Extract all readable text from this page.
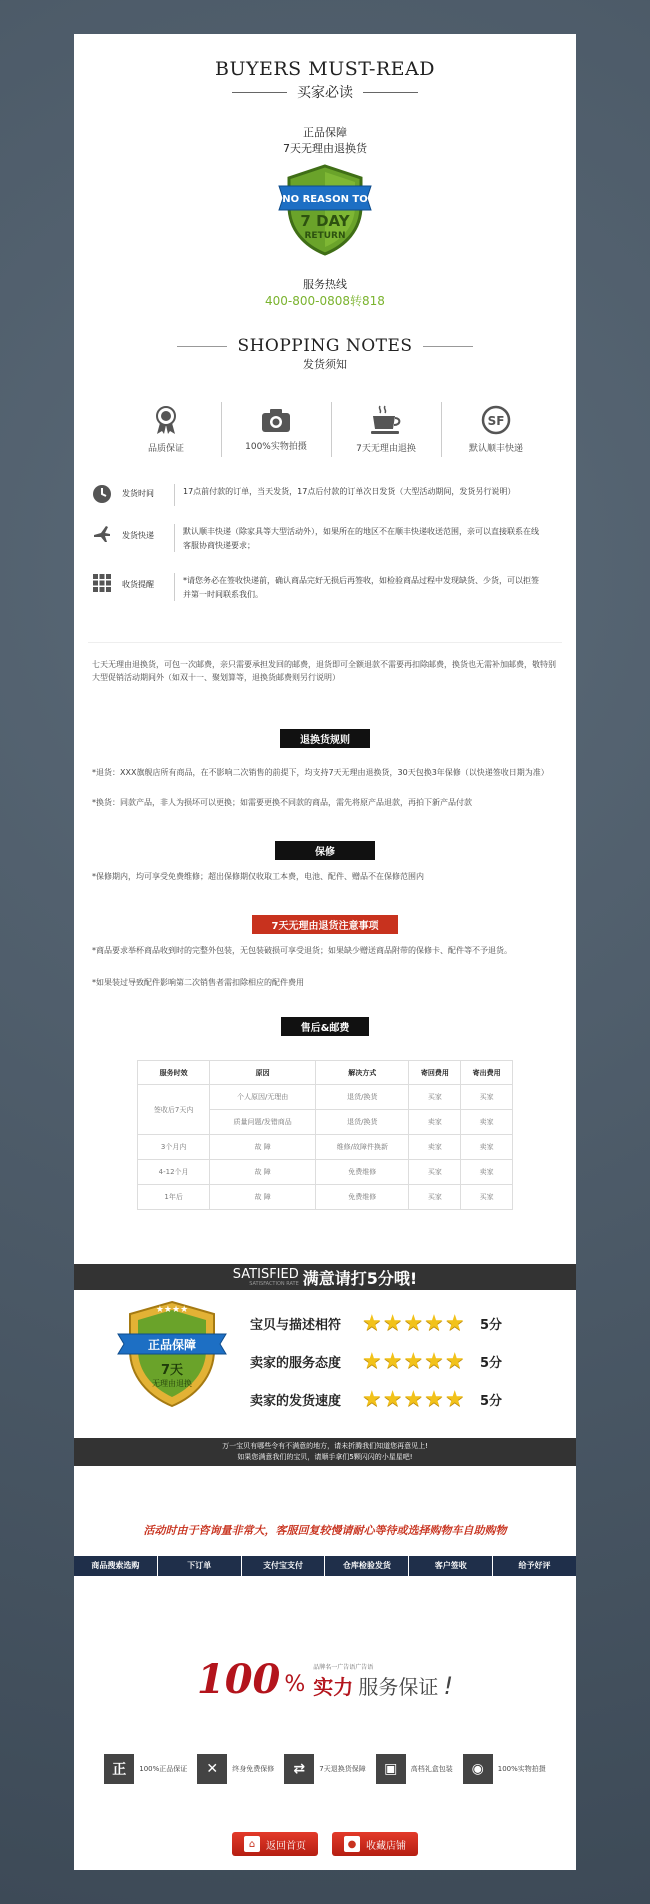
BUYERS MUST-READ
买家必读
正品保障
7天无理由退换货
NO REASON TO
7 DAY
RETURN
服务热线
400-800-0808转818
SHOPPING NOTES
发货须知
品质保证	100%实物拍摄	7天无理由退换
SF
默认顺丰快递
发货时间	17点前付款的订单，当天发货，17点后付款的订单次日发货（大型活动期间，发货另行说明）
发货快递	默认顺丰快递（除家具等大型活动外），如果所在的地区不在顺丰快递收送范围，亲可以直接联系在线客服协商快递要求；
收货提醒	*请您务必在签收快递前，确认商品完好无损后再签收，如检验商品过程中发现缺货、少货，可以拒签并第一时间联系我们。
七天无理由退换货，可包一次邮费，亲只需要承担发回的邮费，退货即可全额退款不需要再扣除邮费，换货也无需补加邮费，敬特别大型促销活动期间外（如双十一、聚划算等，退换货邮费则另行说明）
退换货规则
*退货：XXX旗舰店所有商品，在不影响二次销售的前提下，均支持7天无理由退换货，30天包换3年保修（以快递签收日期为准）
*换货：同款产品，非人为损坏可以更换；如需要更换不同款的商品，需先将原产品退款，再拍下新产品付款
保修
*保修期内，均可享受免费维修；超出保修期仅收取工本费，电池、配件、赠品不在保修范围内
7天无理由退货注意事项
*商品要求举杯商品收到时的完整外包装，无包装破损可享受退货；如果缺少赠送商品附带的保修卡、配件等不予退货。
*如果装过导致配件影响第二次销售者需扣除相应的配件费用
售后&邮费
服务时效	原因	解决方式	寄回费用	寄出费用
签收后7天内	个人原因/无理由	退货/换货	买家	买家
	质量问题/发错商品	退货/换货	卖家	卖家
3个月内	故 障	维修/故障件换新	卖家	卖家
4-12个月	故 障	免费维修	买家	卖家
1年后	故 障	免费维修	买家	买家
SATISFIED
SATISFACTION RATE 满意请打5分哦!
正品保障
7天
无理由退换
★★★★
宝贝与描述相符 ★★★★★	5分
卖家的服务态度 ★★★★★	5分
卖家的发货速度 ★★★★★	5分
万一宝贝有哪些令有不满意的地方，请未折腾我们知道您再意见上!
如果您满意我们的宝贝，请顺手拿们5颗闪闪的小星星吧!
活动时由于咨询量非常大，客服回复较慢请耐心等待或选择购物车自助购物
商品搜索选购	下订单	支付宝支付	仓库检验发货	客户签收	给予好评
100 %
品牌名一广告语广告语
实力 服务保证 !
正	100%正品保证	✕	终身免费保修	⇄	7天退换货保障	▣	高档礼盒包装	◉	100%实物拍摄
⌂	返回首页	● 收藏店铺
